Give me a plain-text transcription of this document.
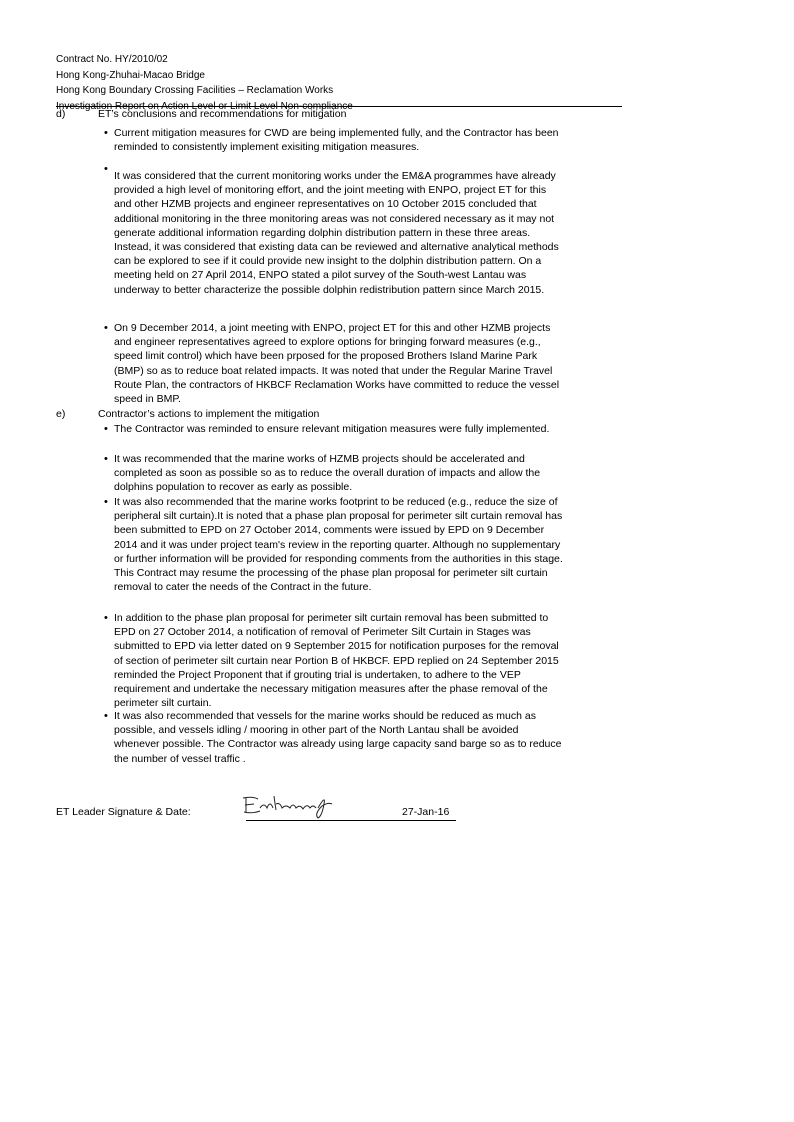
Contract No. HY/2010/02
Hong Kong-Zhuhai-Macao Bridge
Hong Kong Boundary Crossing Facilities – Reclamation Works
Investigation Report on Action Level or Limit Level Non-compliance
d)	ET’s conclusions and recommendations for mitigation
• Current mitigation measures for CWD are being implemented fully, and the Contractor has been reminded to consistently implement exisiting mitigation measures.
•
It was considered that the current monitoring works under the EM&A programmes have already provided a high level of monitoring effort, and the joint meeting with ENPO, project ET for this and other HZMB projects and engineer representatives on 10 October 2015 concluded that additional monitoring in the three monitoring areas was not considered necessary as it may not generate additional information regarding dolphin distribution pattern in these three areas. Instead, it was considered that existing data can be reviewed and alternative analytical methods can be explored to see if it could provide new insight to the dolphin distribution pattern. On a meeting held on 27 April 2014, ENPO stated a pilot survey of the South-west Lantau was underway to better characterize the possible dolphin redistribution pattern since March 2015.
• On 9 December 2014, a joint meeting with ENPO, project ET for this and other HZMB projects and engineer representatives agreed to explore options for bringing forward measures (e.g., speed limit control) which have been prposed for the proposed Brothers Island Marine Park (BMP) so as to reduce boat related impacts. It was noted that under the Regular Marine Travel Route Plan, the contractors of HKBCF Reclamation Works have committed to reduce the vessel speed in BMP.
e)	Contractor’s actions to implement the mitigation
• The Contractor was reminded to ensure relevant mitigation measures were fully implemented.
• It was recommended that the marine works of HZMB projects should be accelerated and completed as soon as possible so as to reduce the overall duration of impacts and allow the dolphins population to recover as early as possible.
• It was also recommended that the marine works footprint to be reduced (e.g., reduce the size of peripheral silt curtain).It is noted that a phase plan proposal for perimeter silt curtain removal has been submitted to EPD on 27 October 2014, comments were issued by EPD on 9 December 2014 and it was under project team's review in the reporting quarter. Although no supplementary or further information will be provided for responding comments from the authorities in this stage. This Contract may resume the processing of the phase plan proposal for perimeter silt curtain removal to cater the needs of the Contract in the future.
• In addition to the phase plan proposal for perimeter silt curtain removal has been submitted to EPD on 27 October 2014, a notification of removal of Perimeter Silt Curtain in Stages was submitted to EPD via letter dated on 9 September 2015 for notification purposes for the removal of section of perimeter silt curtain near Portion B of HKBCF. EPD replied on 24 September 2015 reminded the Project Proponent that if grouting trial is undertaken, to adhere to the VEP requirement and undertake the necessary mitigation measures after the phase removal of the perimeter silt curtain.
• It was also recommended that vessels for the marine works should be reduced as much as possible, and vessels idling / mooring in other part of the North Lantau shall be avoided whenever possible. The Contractor was already using large capacity sand barge so as to reduce the number of vessel traffic .
ET Leader Signature & Date:	27-Jan-16
